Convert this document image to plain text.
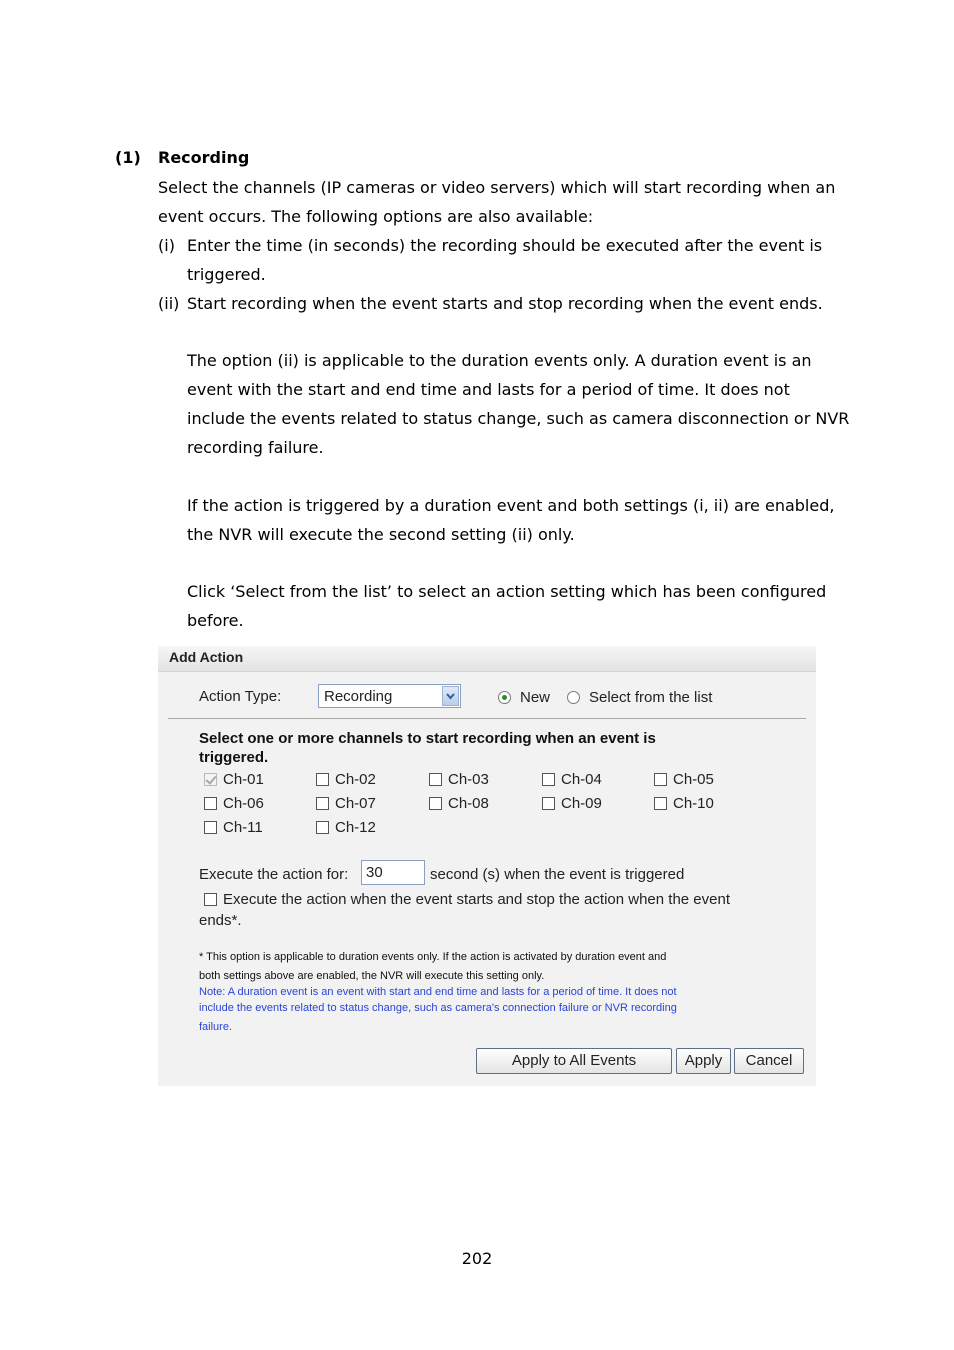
(1) Recording
Select the channels (IP cameras or video servers) which will start recording when an
event occurs. The following options are also available:
(i) Enter the time (in seconds) the recording should be executed after the event is
triggered.
(ii) Start recording when the event starts and stop recording when the event ends.
The option (ii) is applicable to the duration events only. A duration event is an
event with the start and end time and lasts for a period of time. It does not
include the events related to status change, such as camera disconnection or NVR
recording failure.
If the action is triggered by a duration event and both settings (i, ii) are enabled,
the NVR will execute the second setting (ii) only.
Click ‘Select from the list’ to select an action setting which has been configured
before.
Add Action
Action Type:	Recording	New	Select from the list
Select one or more channels to start recording when an event is
triggered.
Ch-01	Ch-02	Ch-03	Ch-04	Ch-05
Ch-06	Ch-07	Ch-08	Ch-09	Ch-10
Ch-11	Ch-12
Execute the action for: 30	second (s) when the event is triggered
Execute the action when the event starts and stop the action when the event
ends*.
* This option is applicable to duration events only. If the action is activated by duration event and
both settings above are enabled, the NVR will execute this setting only.
Note: A duration event is an event with start and end time and lasts for a period of time. It does not
include the events related to status change, such as camera's connection failure or NVR recording
failure.
Apply to All Events	Apply	Cancel
202
